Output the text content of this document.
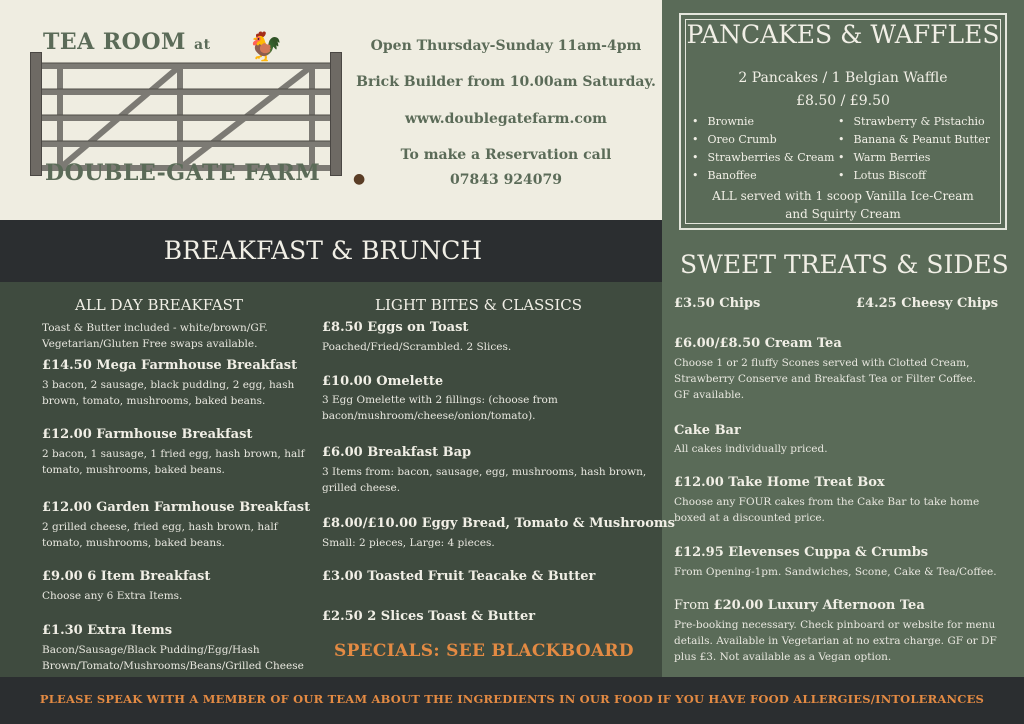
🐓
●
TEA ROOM at
DOUBLE-GATE FARM
Open Thursday-Sunday 11am-4pm
Brick Builder from 10.00am Saturday.
www.doublegatefarm.com
To make a Reservation call
07843 924079
PANCAKES & WAFFLES
2 Pancakes / 1 Belgian Waffle
£8.50 / £9.50
• Brownie
• Oreo Crumb
• Strawberries & Cream
• Banoffee
• Strawberry & Pistachio
• Banana & Peanut Butter
• Warm Berries
• Lotus Biscoff
ALL served with 1 scoop Vanilla Ice-Cream
and Squirty Cream
BREAKFAST & BRUNCH	SWEET TREATS & SIDES
ALL DAY BREAKFAST
Toast & Butter included - white/brown/GF.
Vegetarian/Gluten Free swaps available.
£14.50 Mega Farmhouse Breakfast
3 bacon, 2 sausage, black pudding, 2 egg, hash
brown, tomato, mushrooms, baked beans.
£12.00 Farmhouse Breakfast
2 bacon, 1 sausage, 1 fried egg, hash brown, half
tomato, mushrooms, baked beans.
£12.00 Garden Farmhouse Breakfast
2 grilled cheese, fried egg, hash brown, half
tomato, mushrooms, baked beans.
£9.00 6 Item Breakfast
Choose any 6 Extra Items.
£1.30 Extra Items
Bacon/Sausage/Black Pudding/Egg/Hash
Brown/Tomato/Mushrooms/Beans/Grilled Cheese
LIGHT BITES & CLASSICS
£8.50 Eggs on Toast
Poached/Fried/Scrambled. 2 Slices.
£10.00 Omelette
3 Egg Omelette with 2 fillings: (choose from
bacon/mushroom/cheese/onion/tomato).
£6.00 Breakfast Bap
3 Items from: bacon, sausage, egg, mushrooms, hash brown,
grilled cheese.
£8.00/£10.00 Eggy Bread, Tomato & Mushrooms
Small: 2 pieces, Large: 4 pieces.
£3.00 Toasted Fruit Teacake & Butter
£2.50 2 Slices Toast & Butter
SPECIALS: SEE BLACKBOARD
£3.50 Chips	£4.25 Cheesy Chips
£6.00/£8.50 Cream Tea
Choose 1 or 2 fluffy Scones served with Clotted Cream,
Strawberry Conserve and Breakfast Tea or Filter Coffee.
GF available.
Cake Bar
All cakes individually priced.
£12.00 Take Home Treat Box
Choose any FOUR cakes from the Cake Bar to take home
boxed at a discounted price.
£12.95 Elevenses Cuppa & Crumbs
From Opening-1pm. Sandwiches, Scone, Cake & Tea/Coffee.
From £20.00 Luxury Afternoon Tea
Pre-booking necessary. Check pinboard or website for menu
details. Available in Vegetarian at no extra charge. GF or DF
plus £3. Not available as a Vegan option.
PLEASE SPEAK WITH A MEMBER OF OUR TEAM ABOUT THE INGREDIENTS IN OUR FOOD IF YOU HAVE FOOD ALLERGIES/INTOLERANCES
